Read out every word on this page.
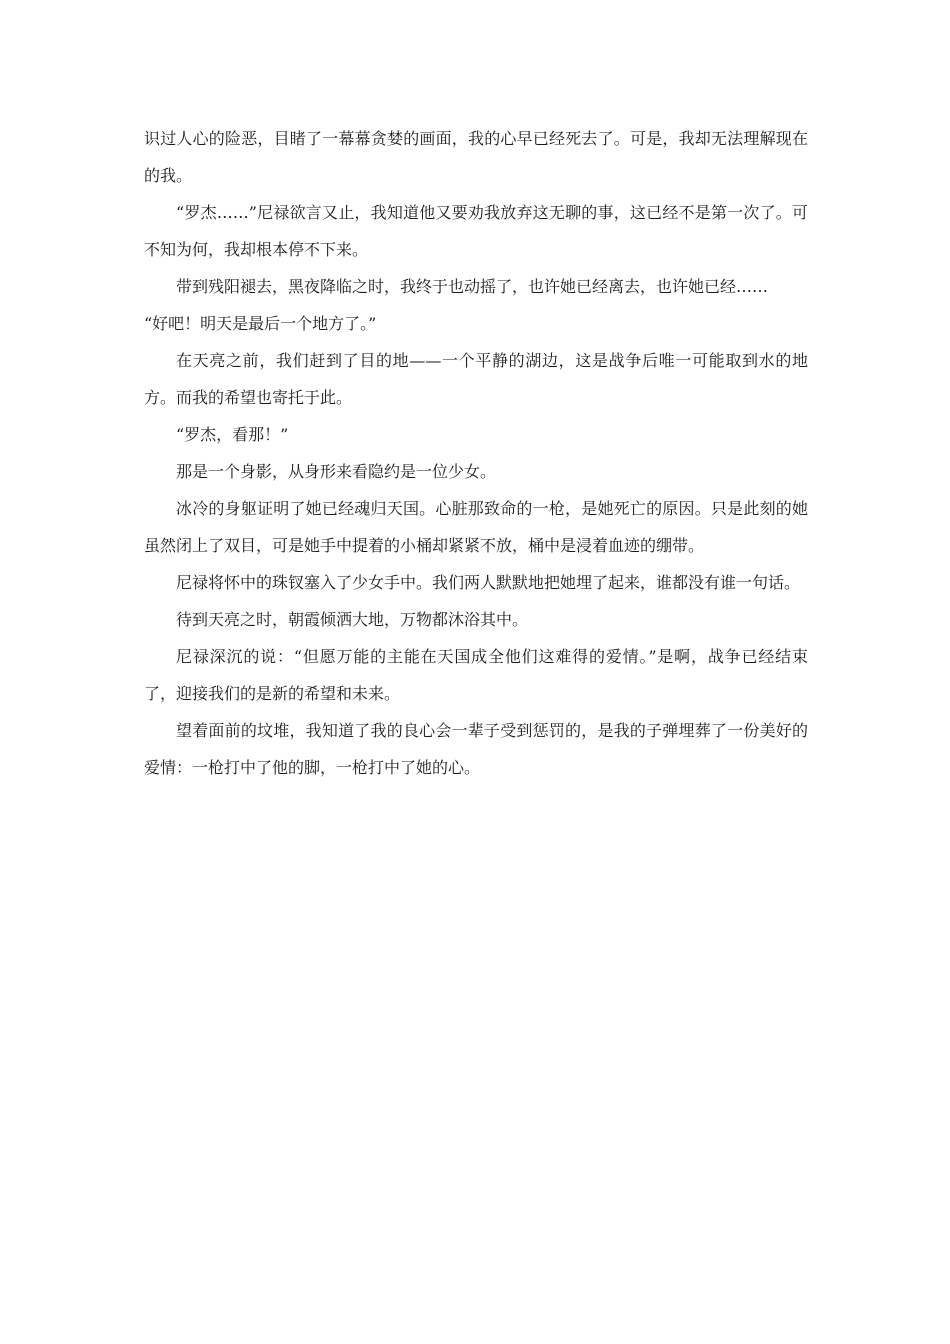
识过人心的险恶，目睹了一幕幕贪婪的画面，我的心早已经死去了。可是，我却无法理解现在的我。

“罗杰……”尼禄欲言又止，我知道他又要劝我放弃这无聊的事，这已经不是第一次了。可不知为何，我却根本停不下来。

带到残阳褪去，黑夜降临之时，我终于也动摇了，也许她已经离去，也许她已经……

“好吧！明天是最后一个地方了。”

在天亮之前，我们赶到了目的地——一个平静的湖边，这是战争后唯一可能取到水的地方。而我的希望也寄托于此。

“罗杰，看那！”

那是一个身影，从身形来看隐约是一位少女。

冰冷的身躯证明了她已经魂归天国。心脏那致命的一枪，是她死亡的原因。只是此刻的她虽然闭上了双目，可是她手中提着的小桶却紧紧不放，桶中是浸着血迹的绷带。

尼禄将怀中的珠钗塞入了少女手中。我们两人默默地把她埋了起来，谁都没有谁一句话。

待到天亮之时，朝霞倾洒大地，万物都沐浴其中。

尼禄深沉的说：“但愿万能的主能在天国成全他们这难得的爱情。”是啊，战争已经结束了，迎接我们的是新的希望和未来。

望着面前的坟堆，我知道了我的良心会一辈子受到惩罚的，是我的子弹埋葬了一份美好的爱情：一枪打中了他的脚，一枪打中了她的心。
